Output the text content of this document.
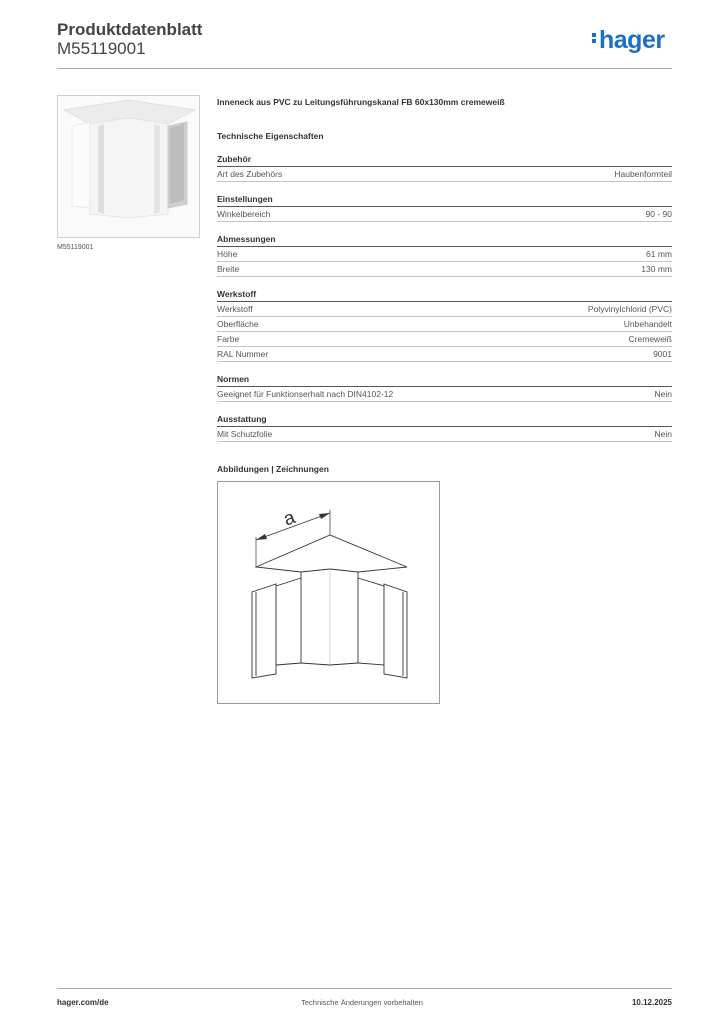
Produktdatenblatt
M55119001	hager
M55119001
Inneneck aus PVC zu Leitungsführungskanal FB 60x130mm cremeweiß
Technische Eigenschaften
Zubehör
Art des Zubehörs	Haubenformteil
Einstellungen
Winkelbereich	90 - 90
Abmessungen
Höhe	61 mm
Breite	130 mm
Werkstoff
Werkstoff	Polyvinylchlorid (PVC)
Oberfläche	Unbehandelt
Farbe	Cremeweiß
RAL Nummer	9001
Normen
Geeignet für Funktionserhalt nach DIN4102-12	Nein
Ausstattung
Mit Schutzfolie	Nein
Abbildungen | Zeichnungen
a
hager.com/de	Technische Änderungen vorbehalten	10.12.2025
